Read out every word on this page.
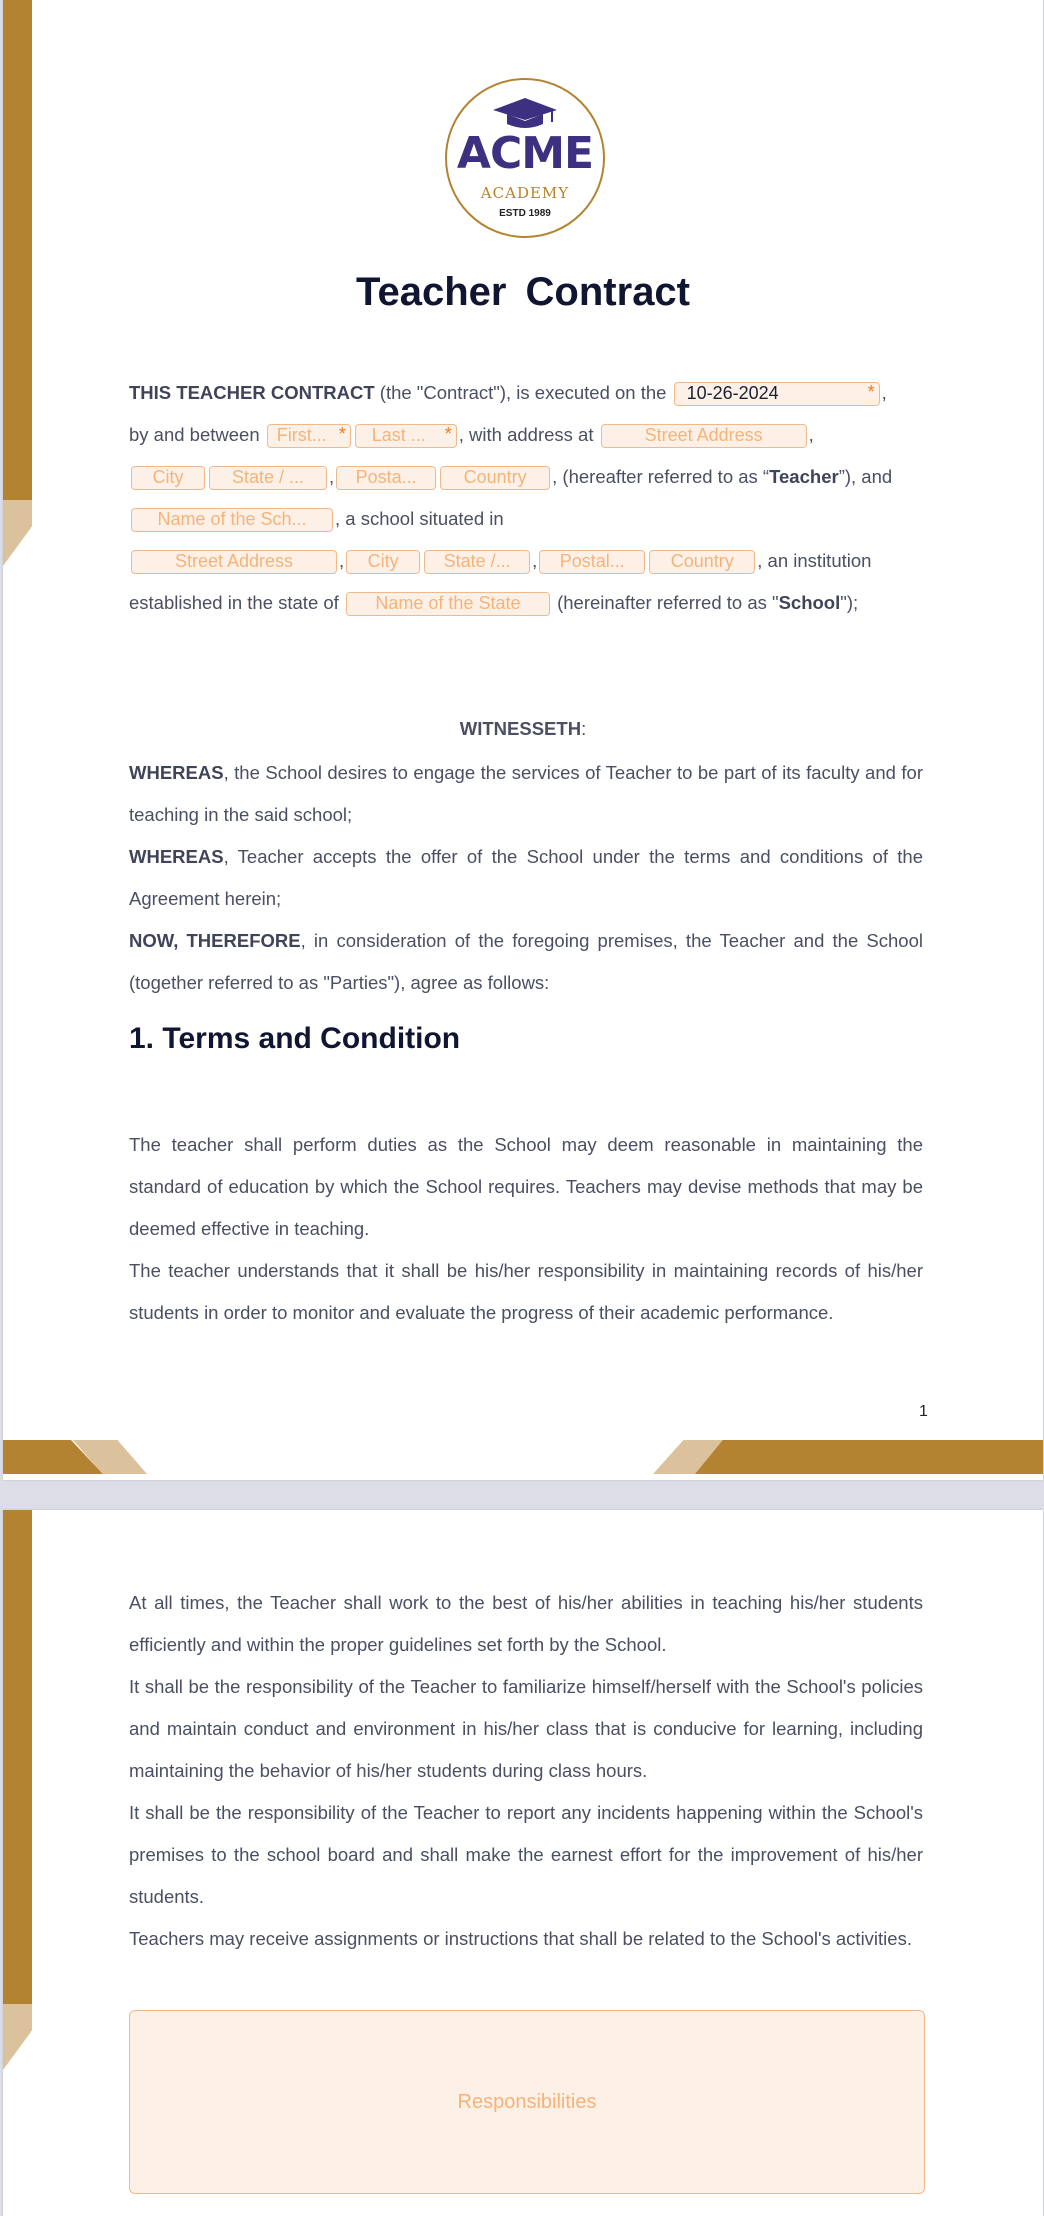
ACME
ACADEMY
ESTD 1989
Teacher Contract
THIS TEACHER CONTRACT (the "Contract"), is executed on the 10-26-2024	* ,
by and between First... * Last ... * , with address at	Street Address ,
City	State / ... , Posta...	Country , (hereafter referred to as “Teacher”), and
Name of the Sch... , a school situated in
Street Address , City State /... , Postal...	Country , an institution
established in the state of Name of the State (hereinafter referred to as "School");
WITNESSETH:

WHEREAS, the School desires to engage the services of Teacher to be part of its faculty and for teaching in the said school;

WHEREAS, Teacher accepts the offer of the School under the terms and conditions of the Agreement herein;

NOW, THEREFORE, in consideration of the foregoing premises, the Teacher and the School (together referred to as "Parties"), agree as follows:

1. Terms and Condition

The teacher shall perform duties as the School may deem reasonable in maintaining the standard of education by which the School requires. Teachers may devise methods that may be deemed effective in teaching.

The teacher understands that it shall be his/her responsibility in maintaining records of his/her students in order to monitor and evaluate the progress of their academic performance.

1

At all times, the Teacher shall work to the best of his/her abilities in teaching his/her students efficiently and within the proper guidelines set forth by the School.

It shall be the responsibility of the Teacher to familiarize himself/herself with the School's policies and maintain conduct and environment in his/her class that is conducive for learning, including maintaining the behavior of his/her students during class hours.

It shall be the responsibility of the Teacher to report any incidents happening within the School's premises to the school board and shall make the earnest effort for the improvement of his/her students.

Teachers may receive assignments or instructions that shall be related to the School's activities.

Responsibilities
